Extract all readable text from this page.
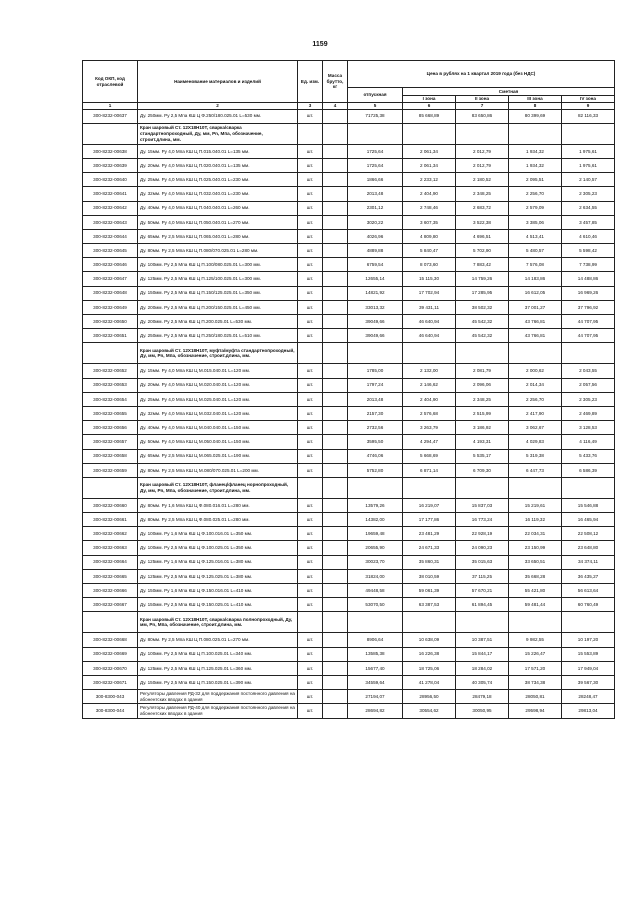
1159
Код ОКП, код отраслевой	Наименование материалов и изделий	Ед. изм.	Масса брутто, кг	Цена в рублях на 1 квартал 2019 года (без НДС)				
				отпускная	Сметная			
					I зона	II зона	III зона	IV зона
1	2	3	4	5	6	7	8	9
300-8232-00637	Ду. 250мм. Ру 2,5 Мпа КШ Ц Ф.250/180.025.01 L=530 мм.	шт.		71725,38	85 668,89	83 650,86	80 399,69	82 116,33
	Кран шаровый Ст. 12Х18Н10Т, сварка/сварка стандартнопроходный, Ду, мм, Pn, Мпа, обозначение, строит.длина, мм.							
300-8232-00638	Ду. 15мм. Ру 4,0 Мпа КШ Ц П.015.040.01 L=135 мм.	шт.		1725,64	2 061,34	2 012,79	1 934,32	1 975,61
300-8232-00639	Ду. 20мм. Ру 4,0 Мпа КШ Ц П.020.040.01 L=135 мм.	шт.		1725,64	2 061,34	2 012,79	1 934,32	1 975,61
300-8232-00640	Ду. 25мм. Ру 4,0 Мпа КШ Ц П.025.040.01 L=230 мм.	шт.		1866,66	2 233,12	2 180,52	2 095,51	2 140,57
300-8232-00641	Ду. 32мм. Ру 4,0 Мпа КШ Ц П.032.040.01 L=230 мм.	шт.		2013,48	2 404,90	2 348,25	2 256,70	2 305,23
300-8232-00642	Ду. 40мм. Ру 4,0 Мпа КШ Ц П.040.040.01 L=260 мм.	шт.		2301,12	2 748,46	2 683,72	2 579,09	2 634,55
300-8232-00643	Ду. 50мм. Ру 4,0 Мпа КШ Ц П.050.040.01 L=270 мм.	шт.		3020,22	3 607,35	3 522,38	3 385,06	3 457,85
300-8232-00644	Ду. 65мм. Ру 2,5 Мпа КШ Ц П.065.040.01 L=280 мм.	шт.		4026,96	4 809,80	4 696,51	4 513,41	4 610,46
300-8232-00645	Ду. 80мм. Ру 2,5 Мпа КШ Ц П.080/070.025.01 L=280 мм.	шт.		4889,88	5 840,47	5 702,90	5 480,57	5 598,42
300-8232-00646	Ду. 100мм. Ру 2,5 Мпа КШ Ц П.100/080.025.01 L=300 мм.	шт.		6759,54	8 073,60	7 883,42	7 576,08	7 738,99
300-8232-00647	Ду. 125мм. Ру 2,5 Мпа КШ Ц П.125/100.025.01 L=300 мм.	шт.		12655,14	15 115,30	14 759,26	14 183,86	14 488,86
300-8232-00648	Ду. 150мм. Ру 2,5 Мпа КШ Ц П.150/125.025.01 L=350 мм.	шт.		14821,92	17 702,94	17 285,95	16 612,05	16 969,26
300-8232-00649	Ду. 200мм. Ру 2,5 Мпа КШ Ц П.200/150.025.01 L=450 мм.	шт.		33013,32	39 431,11	38 502,32	37 001,27	37 796,92
300-8232-00650	Ду. 200мм. Ру 2,5 Мпа КШ Ц П.200.025.01 L=530 мм.	шт.		39049,66	46 640,94	45 542,32	43 766,81	44 707,95
300-8232-00651	Ду. 250мм. Ру 2,5 Мпа КШ Ц П.250/180.025.01 L=510 мм.	шт.		39049,66	46 640,94	45 542,32	43 766,81	44 707,95
	Кран шаровый Ст. 12Х18Н10Т, муфта/муфта стандартнопроходный, Ду, мм, Pn, Мпа, обозначение, строит.длина, мм.							
300-8232-00652	Ду. 15мм. Ру 4,0 Мпа КШ Ц М.015.040.01 L=120 мм.	шт.		1785,00	2 132,00	2 081,79	2 000,62	2 043,55
300-8232-00653	Ду. 20мм. Ру 4,0 Мпа КШ Ц М.020.040.01 L=120 мм.	шт.		1797,24	2 146,62	2 096,06	2 014,34	2 057,56
300-8232-00654	Ду. 25мм. Ру 4,0 Мпа КШ Ц М.025.040.01 L=120 мм.	шт.		2013,48	2 404,90	2 348,25	2 256,70	2 305,23
300-8232-00655	Ду. 32мм. Ру 4,0 Мпа КШ Ц М.032.040.01 L=120 мм.	шт.		2157,30	2 576,68	2 515,99	2 417,90	2 469,89
300-8232-00656	Ду. 40мм. Ру 4,0 Мпа КШ Ц М.040.040.01 L=150 мм.	шт.		2732,56	3 263,79	3 186,92	3 062,67	3 128,53
300-8232-00657	Ду. 50мм. Ру 4,0 Мпа КШ Ц М.050.040.01 L=150 мм.	шт.		3595,50	4 294,47	4 193,31	4 029,83	4 116,49
300-8232-00658	Ду. 65мм. Ру 2,5 Мпа КШ Ц М.065.025.01 L=190 мм.	шт.		4746,06	5 668,69	5 535,17	5 319,38	5 433,76
300-8232-00659	Ду. 80мм. Ру 2,5 Мпа КШ Ц М.080/070.025.01 L=200 мм.	шт.		5752,80	6 871,14	6 709,30	6 447,73	6 586,39
	Кран шаровый Ст. 12Х18Н10Т, фланец/фланец норнопроходный, Ду, мм, Pn, Мпа, обозначение, строит.длина, мм.							
300-8232-00660	Ду. 80мм. Ру 1,6 Мпа КШ Ц Ф.080.016.01 L=280 мм.	шт.		13579,26	16 219,07	15 837,03	15 219,61	15 546,88
300-8232-00661	Ду. 80мм. Ру 2,5 Мпа КШ Ц Ф.080.025.01 L=280 мм.	шт.		14382,00	17 177,86	16 773,24	16 119,32	16 465,94
300-8232-00662	Ду. 100мм. Ру 1,6 Мпа КШ Ц Ф.100.016.01 L=350 мм.	шт.		19659,48	23 481,29	22 928,19	22 034,31	22 508,12
300-8232-00663	Ду. 100мм. Ру 2,5 Мпа КШ Ц Ф.100.025.01 L=350 мм.	шт.		20655,90	24 671,33	24 090,23	23 150,99	23 648,80
300-8232-00664	Ду. 125мм. Ру 1,6 Мпа КШ Ц Ф.125.016.01 L=380 мм.	шт.		30023,70	35 860,31	35 015,63	33 650,51	34 374,11
300-8232-00665	Ду. 125мм. Ру 2,5 Мпа КШ Ц Ф.125.025.01 L=380 мм.	шт.		31824,00	38 010,59	37 115,25	35 668,28	36 435,27
300-8232-00666	Ду. 150мм. Ру 1,6 Мпа КШ Ц Ф.150.016.01 L=410 мм.	шт.		49448,58	59 061,39	57 670,21	55 421,80	56 613,64
300-8232-00667	Ду. 150мм. Ру 2,5 Мпа КШ Ц Ф.150.025.01 L=410 мм.	шт.		53070,50	63 387,53	61 894,45	59 481,44	60 760,49
	Кран шаровый Ст. 12Х18Н10Т, сварка/сварка полнопроходный, Ду, мм, Pn, Мпа, обозначение, строит.длина, мм.							
300-8232-00668	Ду. 80мм. Ру 2,5 Мпа КШ Ц П.080.025.01 L=270 мм.	шт.		8906,64	10 638,09	10 387,51	9 982,55	10 197,20
300-8232-00669	Ду. 100мм. Ру 2,5 Мпа КШ Ц П.100.025.01 L=340 мм.	шт.		13585,38	16 226,38	15 844,17	15 226,47	15 553,89
300-8232-00670	Ду. 125мм. Ру 2,5 Мпа КШ Ц П.125.025.01 L=360 мм.	шт.		15677,40	18 725,06	18 284,02	17 571,20	17 949,04
300-8232-00671	Ду. 150мм. Ру 2,5 Мпа КШ Ц П.150.025.01 L=390 мм.	шт.		34559,64	41 278,04	40 305,74	38 734,38	39 567,30
300-8300-043	Регуляторы давления РД-32 для поддержания постоянного давления на абонентских вводах в здания	шт.		27194,07	28956,50	28479,18	28050,81	28248,47
300-8300-044	Регуляторы давления РД-40 для поддержания постоянного давления на абонентских вводах в здания	шт.		28694,82	30554,62	30050,95	29598,94	29813,04
